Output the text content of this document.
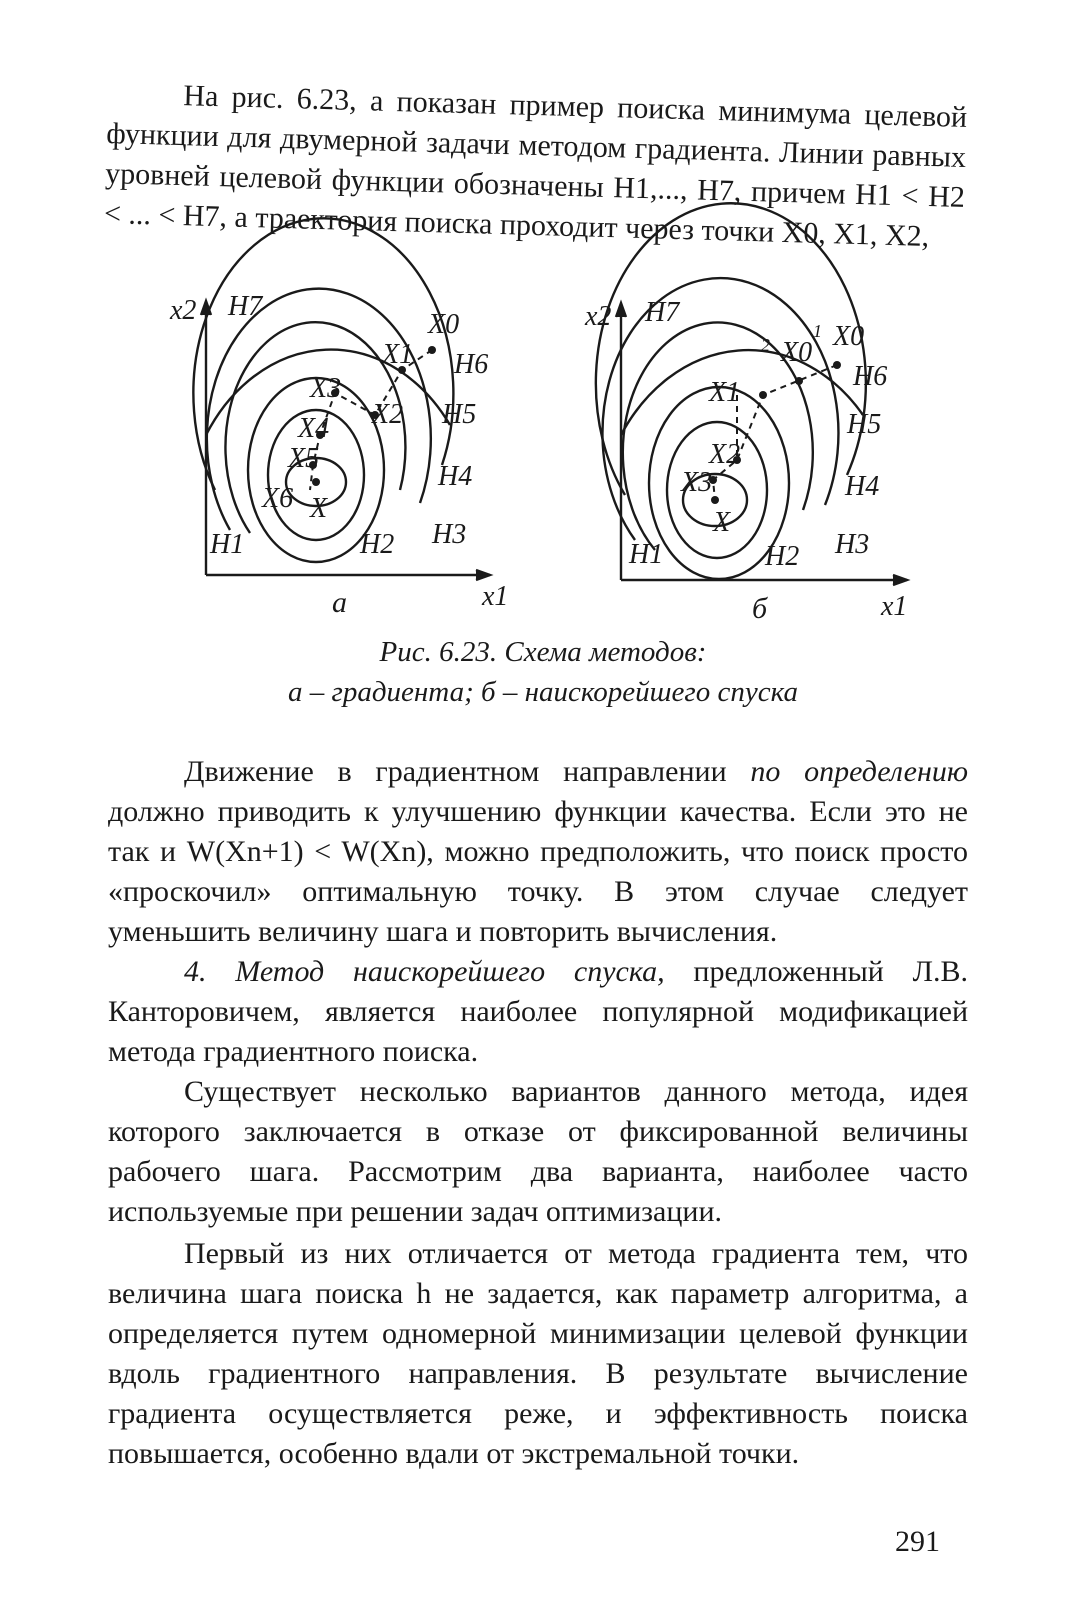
На рис. 6.23, а показан пример поиска минимума целевой функции для двумерной задачи методом градиента. Линии равных уровней целевой функции обозначены H1,..., H7, причем H1 < H2 < ... < H7, а траектория поиска проходит через точки X0, X1, X2,

x2
x1
H1	H2 H3
H4
H5
H6
H7
X0
X1
X2
X3
X4
X5
X6 X
а
x2
x1
H1	H2 H3
H4
H5
H6
H7
X0
X0
X1
X2
X3
X
1
2
б
Рис. 6.23. Схема методов:
а – градиента; б – наискорейшего спуска

Движение в градиентном направлении по определению должно приводить к улучшению функции качества. Если это не так и W(Xn+1) < W(Xn), можно предположить, что поиск просто «проскочил» оптимальную точку. В этом случае следует уменьшить величину шага и повторить вычисления.

4. Метод наискорейшего спуска, предложенный Л.В. Канторовичем, является наиболее популярной модификацией метода градиентного поиска.

Существует несколько вариантов данного метода, идея которого заключается в отказе от фиксированной величины рабочего шага. Рассмотрим два варианта, наиболее часто используемые при решении задач оптимизации.

Первый из них отличается от метода градиента тем, что величина шага поиска h не задается, как параметр алгоритма, а определяется путем одномерной минимизации целевой функции вдоль градиентного направления. В результате вычисление градиента осуществляется реже, и эффективность поиска повышается, особенно вдали от экстремальной точки.

291
